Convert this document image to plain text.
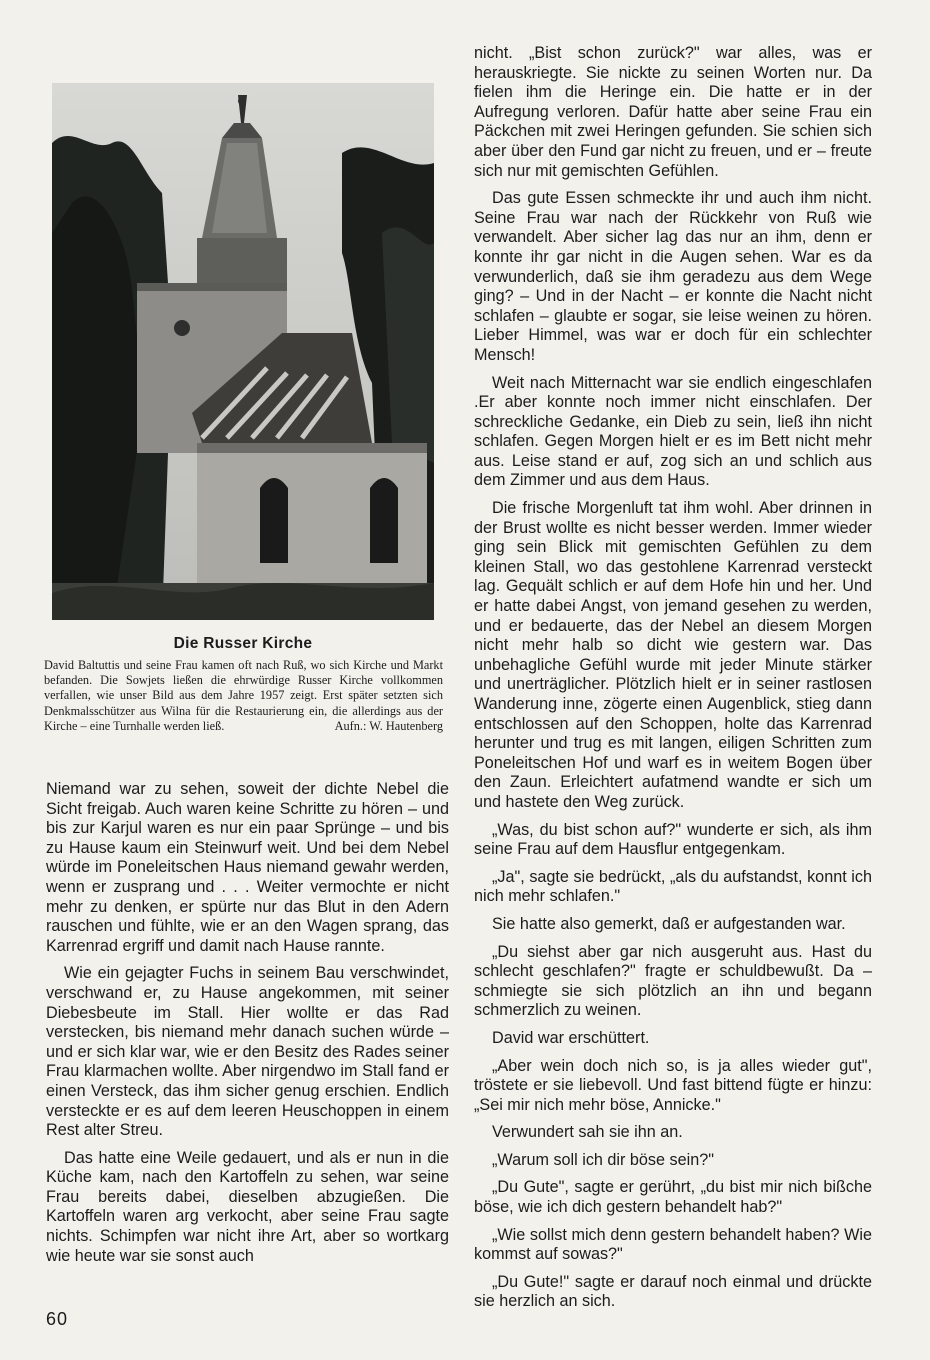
Die Russer Kirche
David Baltuttis und seine Frau kamen oft nach Ruß, wo sich Kirche und Markt befanden. Die Sowjets ließen die ehrwürdige Russer Kirche vollkommen verfallen, wie unser Bild aus dem Jahre 1957 zeigt. Erst später setzten sich Denkmalsschützer aus Wilna für die Restaurierung ein, die allerdings aus der Kirche – eine Turnhalle werden ließ.	Aufn.: W. Hautenberg

Niemand war zu sehen, soweit der dichte Nebel die Sicht freigab. Auch waren keine Schritte zu hören – und bis zur Karjul waren es nur ein paar Sprünge – und bis zu Hause kaum ein Steinwurf weit. Und bei dem Nebel würde im Poneleitschen Haus niemand gewahr werden, wenn er zusprang und . . . Weiter vermochte er nicht mehr zu denken, er spürte nur das Blut in den Adern rauschen und fühlte, wie er an den Wagen sprang, das Karrenrad ergriff und damit nach Hause rannte.

Wie ein gejagter Fuchs in seinem Bau verschwindet, verschwand er, zu Hause angekommen, mit seiner Diebesbeute im Stall. Hier wollte er das Rad verstecken, bis niemand mehr danach suchen würde – und er sich klar war, wie er den Besitz des Rades seiner Frau klarmachen wollte. Aber nirgendwo im Stall fand er einen Versteck, das ihm sicher genug erschien. Endlich versteckte er es auf dem leeren Heuschoppen in einem Rest alter Streu.

Das hatte eine Weile gedauert, und als er nun in die Küche kam, nach den Kartoffeln zu sehen, war seine Frau bereits dabei, dieselben abzugießen. Die Kartoffeln waren arg verkocht, aber seine Frau sagte nichts. Schimpfen war nicht ihre Art, aber so wortkarg wie heute war sie sonst auch

nicht. „Bist schon zurück?" war alles, was er herauskriegte. Sie nickte zu seinen Worten nur. Da fielen ihm die Heringe ein. Die hatte er in der Aufregung verloren. Dafür hatte aber seine Frau ein Päckchen mit zwei Heringen gefunden. Sie schien sich aber über den Fund gar nicht zu freuen, und er – freute sich nur mit gemischten Gefühlen.

Das gute Essen schmeckte ihr und auch ihm nicht. Seine Frau war nach der Rückkehr von Ruß wie verwandelt. Aber sicher lag das nur an ihm, denn er konnte ihr gar nicht in die Augen sehen. War es da verwunderlich, daß sie ihm geradezu aus dem Wege ging? – Und in der Nacht – er konnte die Nacht nicht schlafen – glaubte er sogar, sie leise weinen zu hören. Lieber Himmel, was war er doch für ein schlechter Mensch!

Weit nach Mitternacht war sie endlich eingeschlafen .Er aber konnte noch immer nicht einschlafen. Der schreckliche Gedanke, ein Dieb zu sein, ließ ihn nicht schlafen. Gegen Morgen hielt er es im Bett nicht mehr aus. Leise stand er auf, zog sich an und schlich aus dem Zimmer und aus dem Haus.

Die frische Morgenluft tat ihm wohl. Aber drinnen in der Brust wollte es nicht besser werden. Immer wieder ging sein Blick mit gemischten Gefühlen zu dem kleinen Stall, wo das gestohlene Karrenrad versteckt lag. Gequält schlich er auf dem Hofe hin und her. Und er hatte dabei Angst, von jemand gesehen zu werden, und er bedauerte, das der Nebel an diesem Morgen nicht mehr halb so dicht wie gestern war. Das unbehagliche Gefühl wurde mit jeder Minute stärker und unerträglicher. Plötzlich hielt er in seiner rastlosen Wanderung inne, zögerte einen Augenblick, stieg dann entschlossen auf den Schoppen, holte das Karrenrad herunter und trug es mit langen, eiligen Schritten zum Poneleitschen Hof und warf es in weitem Bogen über den Zaun. Erleichtert aufatmend wandte er sich um und hastete den Weg zurück.

„Was, du bist schon auf?" wunderte er sich, als ihm seine Frau auf dem Hausflur entgegenkam.

„Ja", sagte sie bedrückt, „als du aufstandst, konnt ich nich mehr schlafen."

Sie hatte also gemerkt, daß er aufgestanden war.

„Du siehst aber gar nich ausgeruht aus. Hast du schlecht geschlafen?" fragte er schuldbewußt. Da – schmiegte sie sich plötzlich an ihn und begann schmerzlich zu weinen.

David war erschüttert.

„Aber wein doch nich so, is ja alles wieder gut", tröstete er sie liebevoll. Und fast bittend fügte er hinzu: „Sei mir nich mehr böse, Annicke."

Verwundert sah sie ihn an.

„Warum soll ich dir böse sein?"

„Du Gute", sagte er gerührt, „du bist mir nich bißche böse, wie ich dich gestern behandelt hab?"

„Wie sollst mich denn gestern behandelt haben? Wie kommst auf sowas?"

„Du Gute!" sagte er darauf noch einmal und drückte sie herzlich an sich.

60
